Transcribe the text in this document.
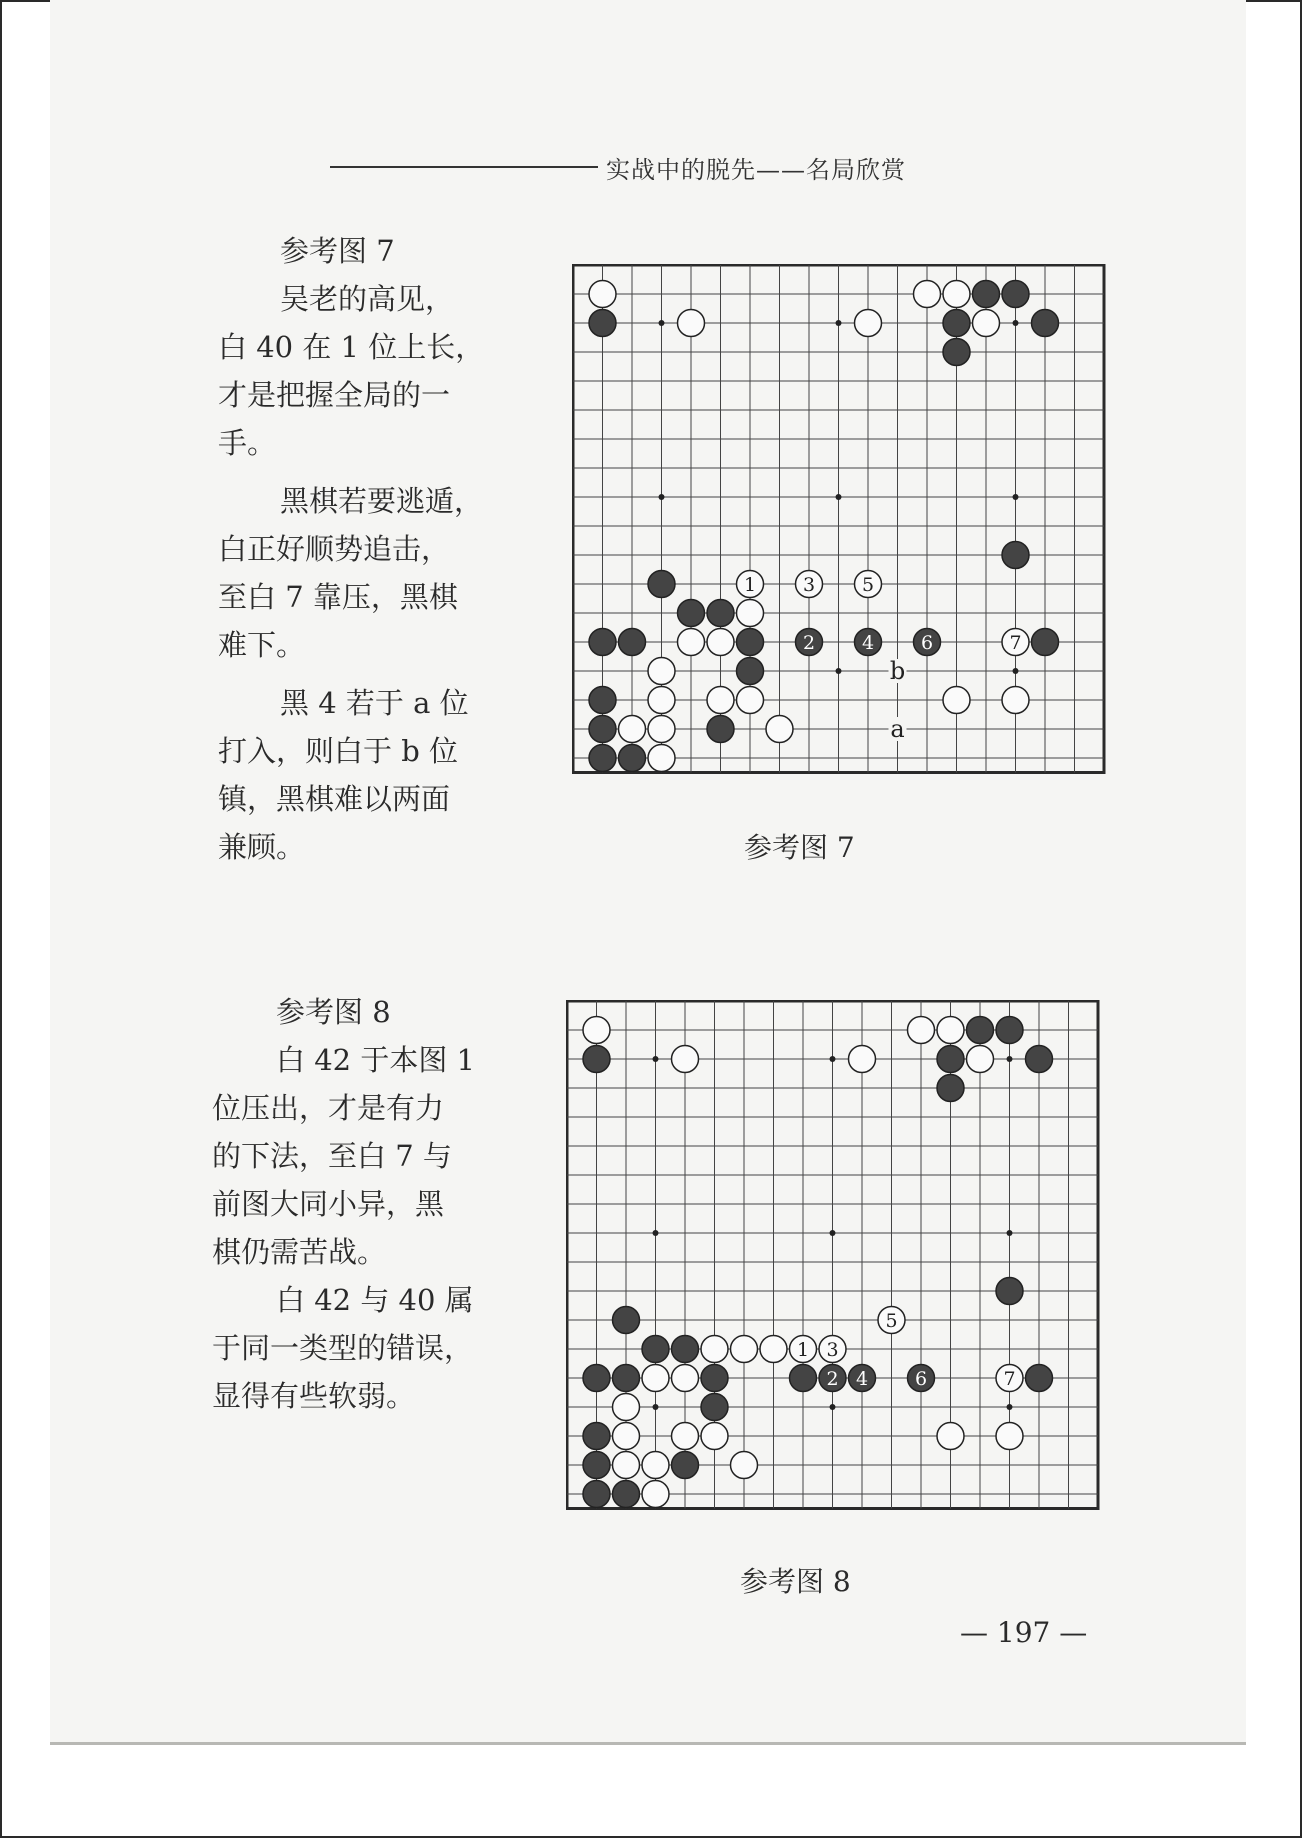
实战中的脱先——名局欣赏

参考图 7

吴老的高见，
白 40 在 1 位上长，
才是把握全局的一
手。

黑棋若要逃遁，
白正好顺势追击，
至白 7 靠压，黑棋
难下。

黑 4 若于 a 位
打入，则白于 b 位
镇，黑棋难以两面
兼顾。

1 3 5
2 4 6	7
b
a
参考图 7

参考图 8

白 42 于本图 1
位压出，才是有力
的下法，至白 7 与
前图大同小异，黑
棋仍需苦战。

白 42 与 40 属
于同一类型的错误，
显得有些软弱。

1 3
5
2 4 6	7
参考图 8
— 197 —
